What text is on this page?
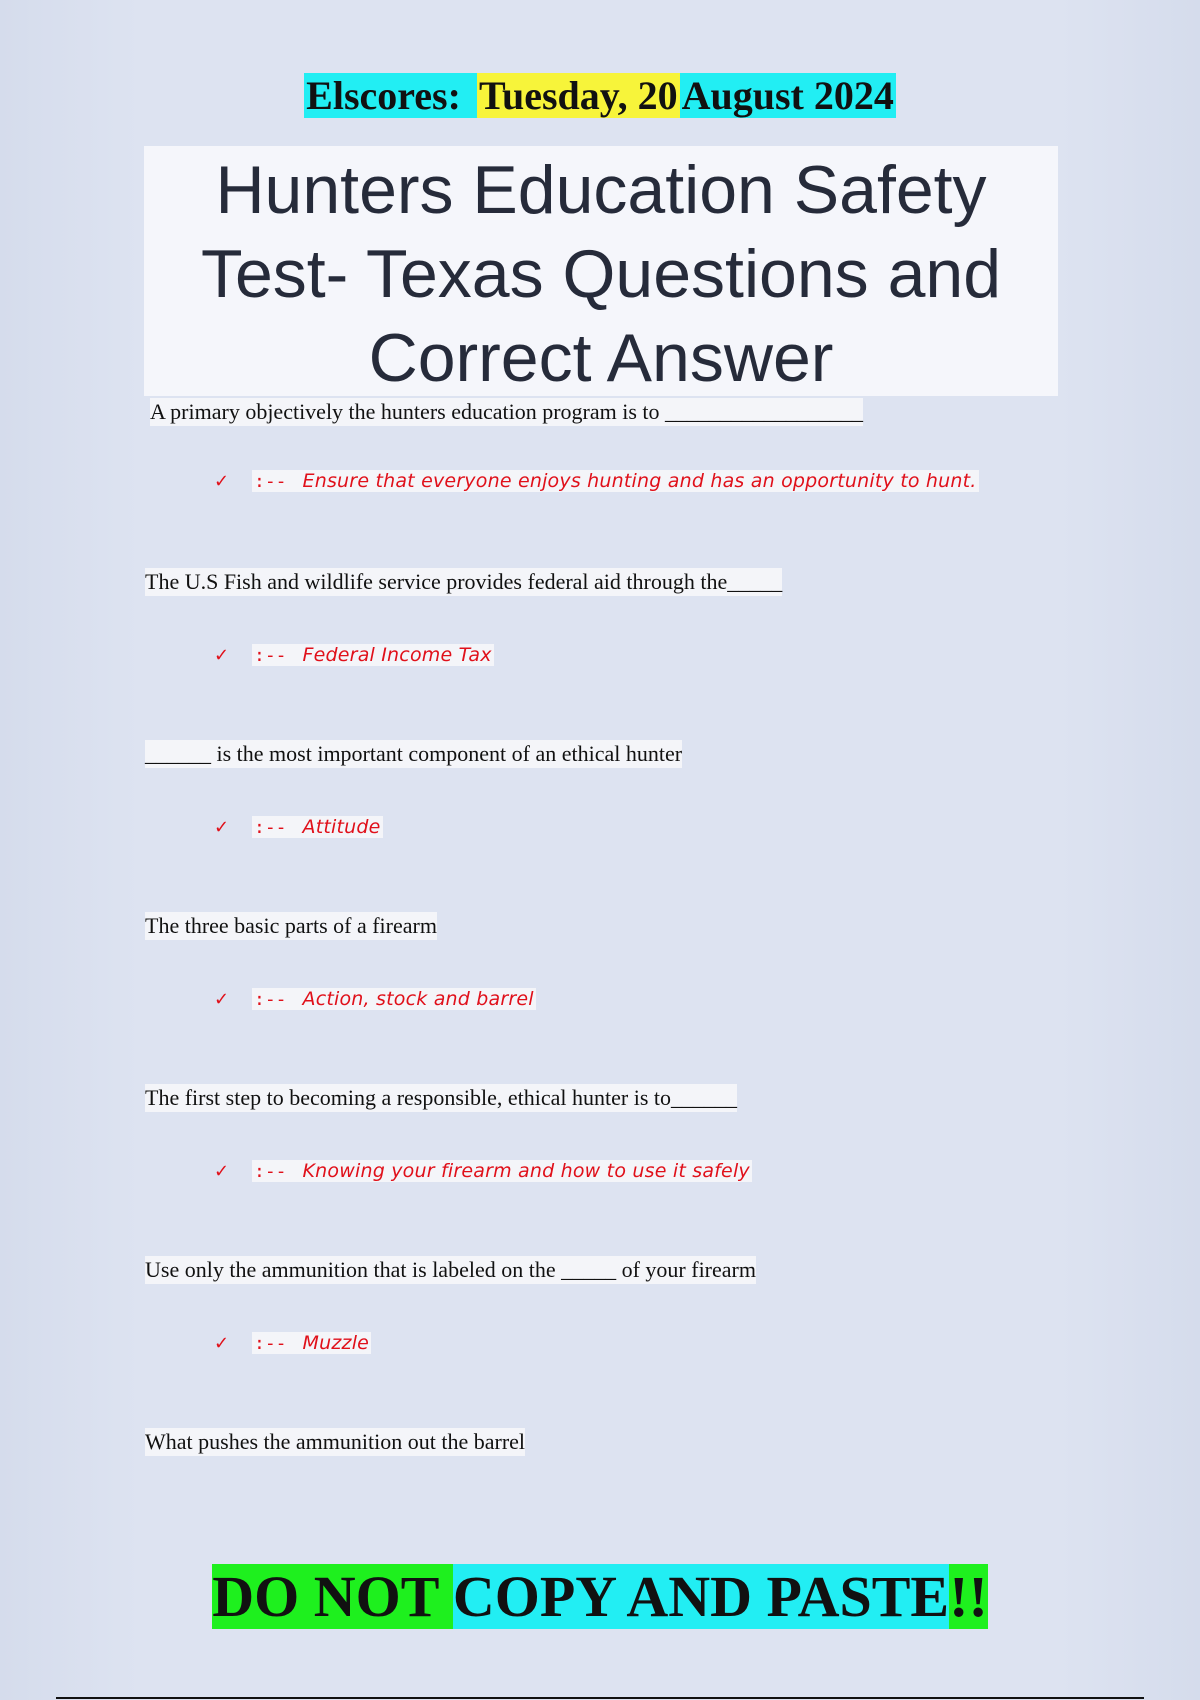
Elscores: Tuesday, 20 August 2024
Hunters Education Safety
Test- Texas Questions and
Correct Answer
A primary objectively the hunters education program is to __________________
✓	:-- Ensure that everyone enjoys hunting and has an opportunity to hunt.
The U.S Fish and wildlife service provides federal aid through the_____
✓	:-- Federal Income Tax
______ is the most important component of an ethical hunter
✓	:-- Attitude
The three basic parts of a firearm
✓	:-- Action, stock and barrel
The first step to becoming a responsible, ethical hunter is to______
✓	:-- Knowing your firearm and how to use it safely
Use only the ammunition that is labeled on the _____ of your firearm
✓	:-- Muzzle
What pushes the ammunition out the barrel
DO NOT COPY AND PASTE!!
